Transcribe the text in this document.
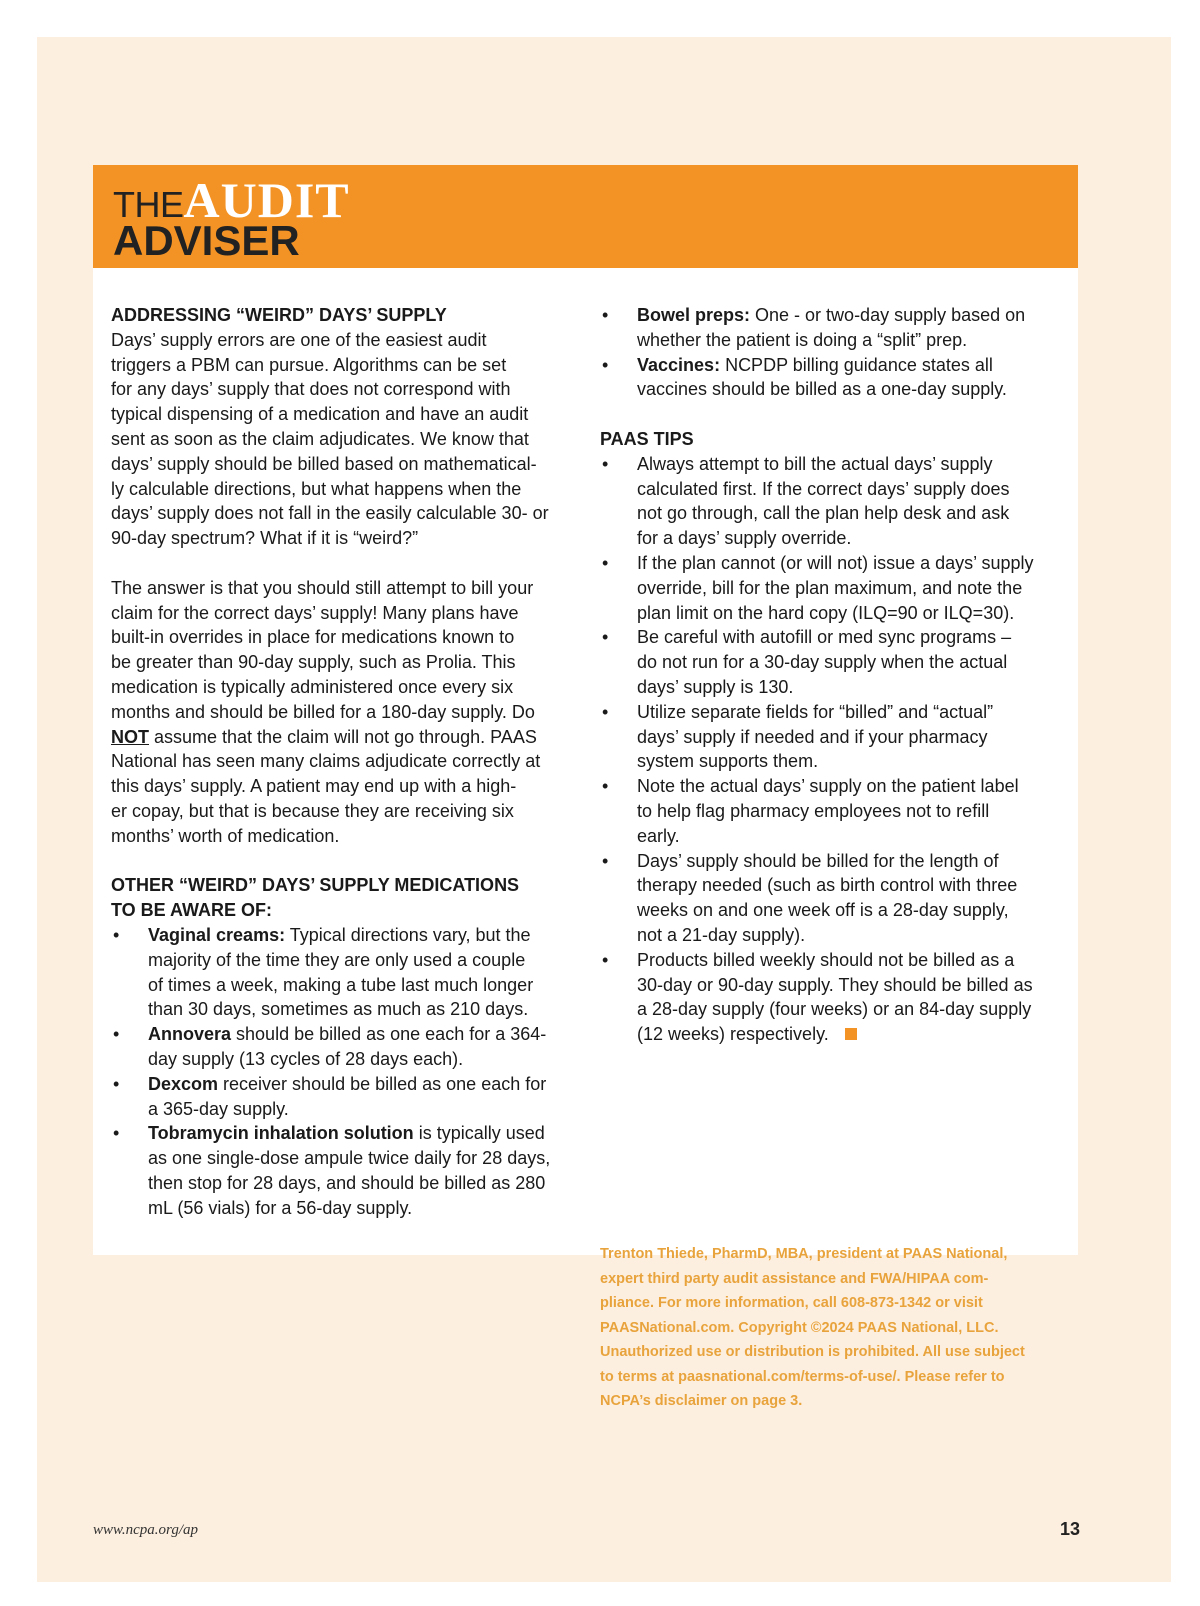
THEAUDIT
ADVISER

ADDRESSING “WEIRD” DAYS’ SUPPLY

Days’ supply errors are one of the easiest audit

triggers a PBM can pursue. Algorithms can be set

for any days’ supply that does not correspond with

typical dispensing of a medication and have an audit

sent as soon as the claim adjudicates. We know that

days’ supply should be billed based on mathematical-

ly calculable directions, but what happens when the

days’ supply does not fall in the easily calculable 30- or

90-day spectrum? What if it is “weird?”

The answer is that you should still attempt to bill your

claim for the correct days’ supply! Many plans have

built-in overrides in place for medications known to

be greater than 90-day supply, such as Prolia. This

medication is typically administered once every six

months and should be billed for a 180-day supply. Do

NOT assume that the claim will not go through. PAAS

National has seen many claims adjudicate correctly at

this days’ supply. A patient may end up with a high-

er copay, but that is because they are receiving six

months’ worth of medication.

OTHER “WEIRD” DAYS’ SUPPLY MEDICATIONS

TO BE AWARE OF:

• Vaginal creams: Typical directions vary, but the

majority of the time they are only used a couple

of times a week, making a tube last much longer

than 30 days, sometimes as much as 210 days.

• Annovera should be billed as one each for a 364-

day supply (13 cycles of 28 days each).

• Dexcom receiver should be billed as one each for

a 365-day supply.

• Tobramycin inhalation solution is typically used

as one single-dose ampule twice daily for 28 days,

then stop for 28 days, and should be billed as 280

mL (56 vials) for a 56-day supply.

• Bowel preps: One - or two-day supply based on

whether the patient is doing a “split” prep.

• Vaccines: NCPDP billing guidance states all

vaccines should be billed as a one-day supply.

PAAS TIPS

• Always attempt to bill the actual days’ supply

calculated first. If the correct days’ supply does

not go through, call the plan help desk and ask

for a days’ supply override.

• If the plan cannot (or will not) issue a days’ supply

override, bill for the plan maximum, and note the

plan limit on the hard copy (ILQ=90 or ILQ=30).

• Be careful with autofill or med sync programs –

do not run for a 30-day supply when the actual

days’ supply is 130.

• Utilize separate fields for “billed” and “actual”

days’ supply if needed and if your pharmacy

system supports them.

• Note the actual days’ supply on the patient label

to help flag pharmacy employees not to refill

early.

• Days’ supply should be billed for the length of

therapy needed (such as birth control with three

weeks on and one week off is a 28-day supply,

not a 21-day supply).

• Products billed weekly should not be billed as a

30-day or 90-day supply. They should be billed as

a 28-day supply (four weeks) or an 84-day supply

(12 weeks) respectively.

Trenton Thiede, PharmD, MBA, president at PAAS National,

expert third party audit assistance and FWA/HIPAA com-

pliance. For more information, call 608-873-1342 or visit

PAASNational.com. Copyright ©2024 PAAS National, LLC.

Unauthorized use or distribution is prohibited. All use subject

to terms at paasnational.com/terms-of-use/. Please refer to

NCPA’s disclaimer on page 3.

www.ncpa.org/ap	13
